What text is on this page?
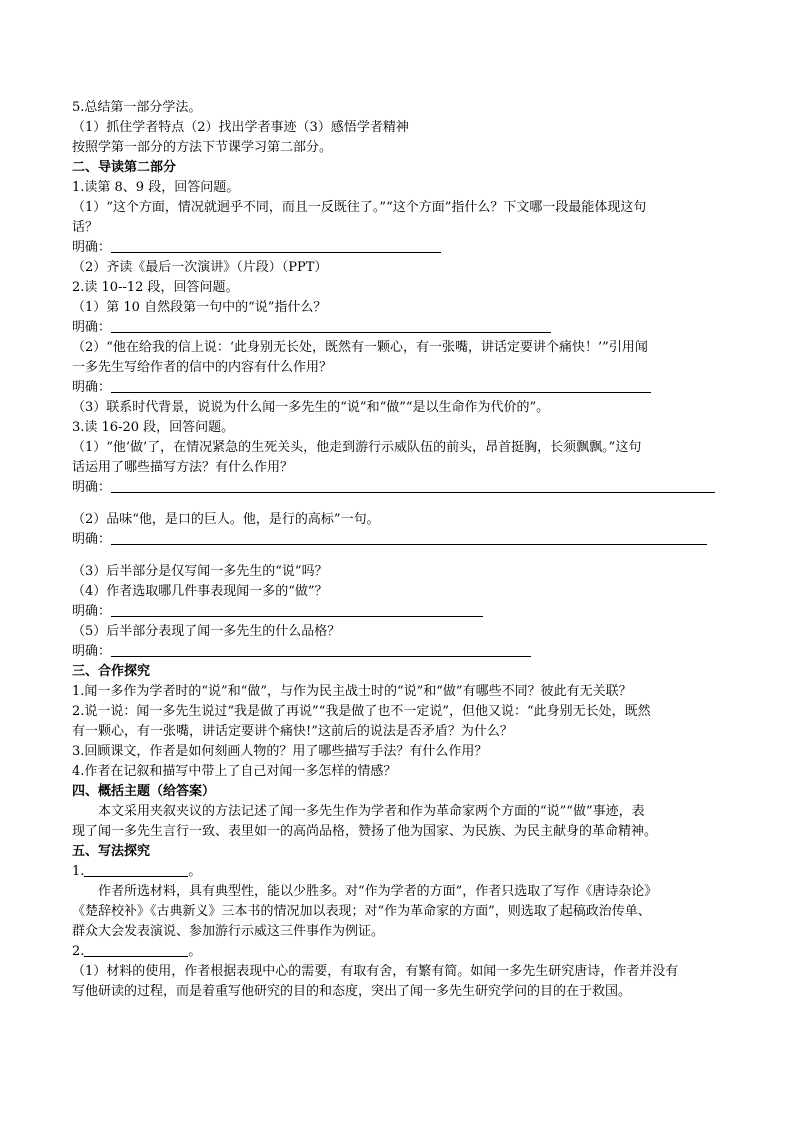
5.总结第一部分学法。
（1）抓住学者特点（2）找出学者事迹（3）感悟学者精神
按照学第一部分的方法下节课学习第二部分。
二、导读第二部分
1.读第 8、9 段，回答问题。
（1）“这个方面，情况就迥乎不同，而且一反既往了。”“这个方面”指什么？下文哪一段最能体现这句
话？
明确：
（2）齐读《最后一次演讲》（片段）（PPT）
2.读 10--12 段，回答问题。
（1）第 10 自然段第一句中的“说”指什么？
明确：
（2）“他在给我的信上说：‘此身别无长处，既然有一颗心，有一张嘴，讲话定要讲个痛快！’”引用闻
一多先生写给作者的信中的内容有什么作用？
明确：
（3）联系时代背景，说说为什么闻一多先生的“说”和“做”“是以生命作为代价的”。
3.读 16-20 段，回答问题。
（1）“他‘做’了，在情况紧急的生死关头，他走到游行示威队伍的前头，昂首挺胸，长须飘飘。”这句
话运用了哪些描写方法？有什么作用？
明确：
（2）品味“他，是口的巨人。他，是行的高标”一句。
明确：
（3）后半部分是仅写闻一多先生的“说”吗？
（4）作者选取哪几件事表现闻一多的“做”？
明确：
（5）后半部分表现了闻一多先生的什么品格？
明确：
三、合作探究
1.闻一多作为学者时的“说”和“做”，与作为民主战士时的“说”和“做”有哪些不同？彼此有无关联？
2.说一说：闻一多先生说过“我是做了再说”“我是做了也不一定说”，但他又说：“此身别无长处，既然
有一颗心，有一张嘴，讲话定要讲个痛快!”这前后的说法是否矛盾？为什么？
3.回顾课文，作者是如何刻画人物的？用了哪些描写手法？有什么作用？
4.作者在记叙和描写中带上了自己对闻一多怎样的情感？
四、概括主题（给答案）
本文采用夹叙夹议的方法记述了闻一多先生作为学者和作为革命家两个方面的“说”“做”事迹，表
现了闻一多先生言行一致、表里如一的高尚品格，赞扬了他为国家、为民族、为民主献身的革命精神。
五、写法探究
1.	。
作者所选材料，具有典型性，能以少胜多。对“作为学者的方面”，作者只选取了写作《唐诗杂论》
《楚辞校补》《古典新义》三本书的情况加以表现；对“作为革命家的方面”，则选取了起稿政治传单、
群众大会发表演说、参加游行示威这三件事作为例证。
2.	。
（1）材料的使用，作者根据表现中心的需要，有取有舍，有繁有简。如闻一多先生研究唐诗，作者并没有
写他研读的过程，而是着重写他研究的目的和态度，突出了闻一多先生研究学问的目的在于救国。
